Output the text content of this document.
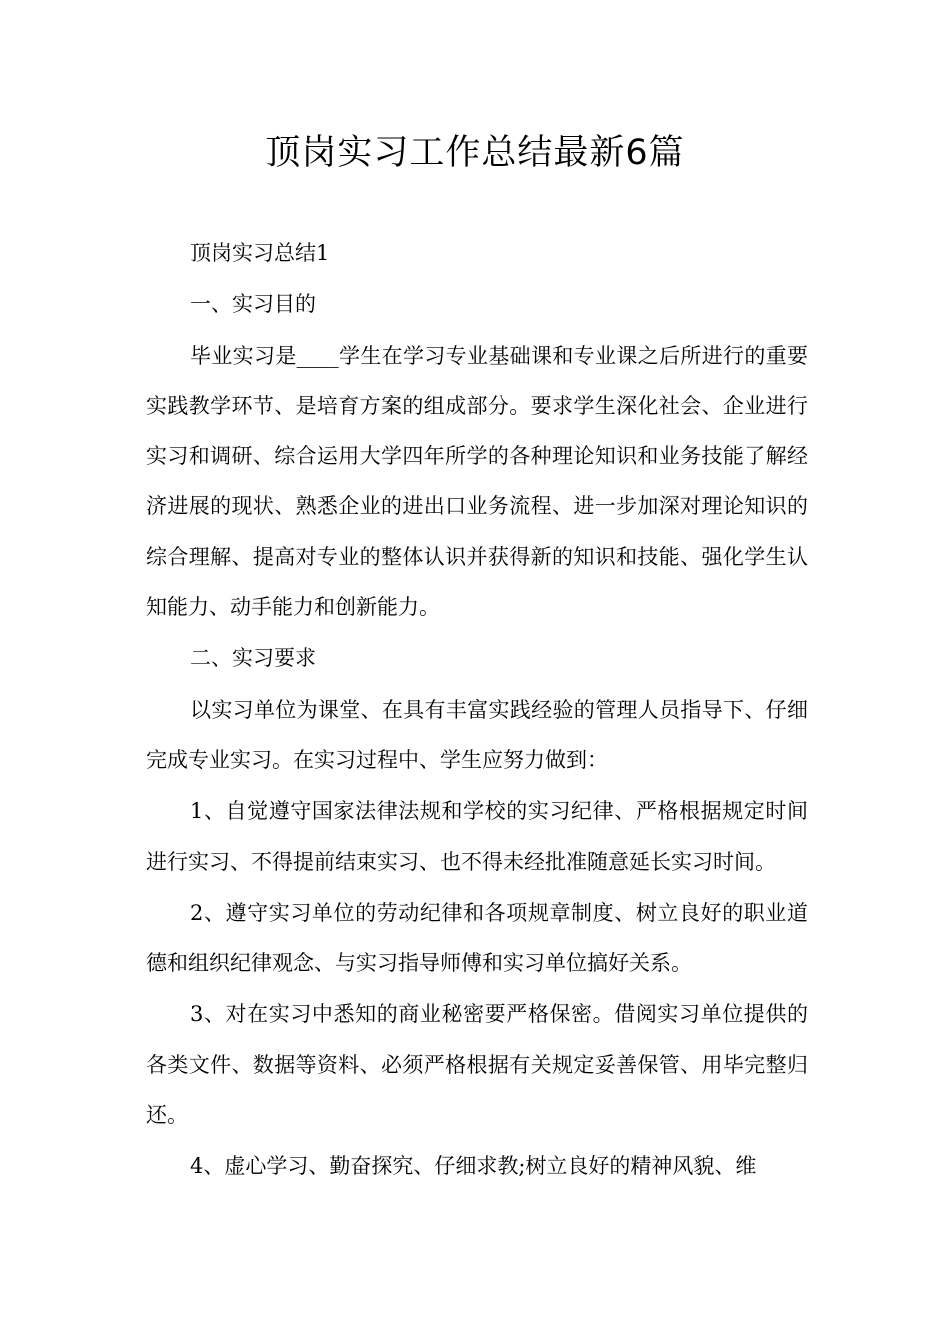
顶岗实习工作总结最新6篇

顶岗实习总结1

一、实习目的

毕业实习是____学生在学习专业基础课和专业课之后所进行的重要实践教学环节、是培育方案的组成部分。要求学生深化社会、企业进行实习和调研、综合运用大学四年所学的各种理论知识和业务技能了解经济进展的现状、熟悉企业的进出口业务流程、进一步加深对理论知识的综合理解、提高对专业的整体认识并获得新的知识和技能、强化学生认知能力、动手能力和创新能力。

二、实习要求

以实习单位为课堂、在具有丰富实践经验的管理人员指导下、仔细完成专业实习。在实习过程中、学生应努力做到：

1、自觉遵守国家法律法规和学校的实习纪律、严格根据规定时间进行实习、不得提前结束实习、也不得未经批准随意延长实习时间。

2、遵守实习单位的劳动纪律和各项规章制度、树立良好的职业道德和组织纪律观念、与实习指导师傅和实习单位搞好关系。

3、对在实习中悉知的商业秘密要严格保密。借阅实习单位提供的各类文件、数据等资料、必须严格根据有关规定妥善保管、用毕完整归还。

4、虚心学习、勤奋探究、仔细求教;树立良好的精神风貌、维
